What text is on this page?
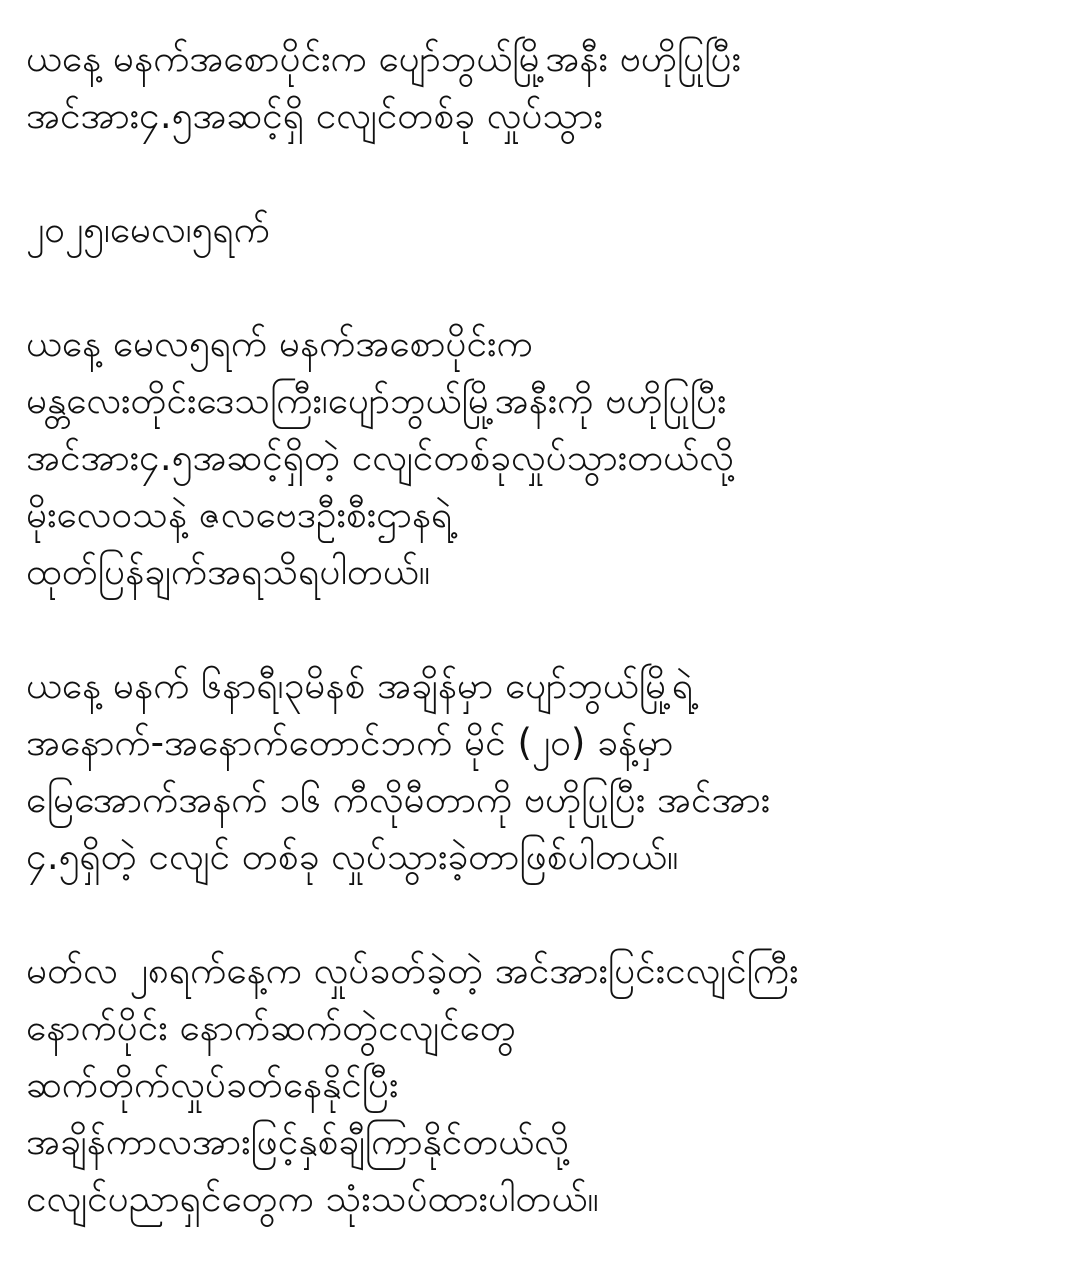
ယနေ့ မနက်အစောပိုင်းက ပျော်ဘွယ်မြို့အနီး ဗဟိုပြုပြီး
အင်အား၄.၅အဆင့်ရှိ ငလျင်တစ်ခု လှုပ်သွား

၂၀၂၅၊မေလ၊၅ရက်

ယနေ့ မေလ၅ရက် မနက်အစောပိုင်းက
မန္တလေးတိုင်းဒေသကြီး၊ပျော်ဘွယ်မြို့အနီးကို ဗဟိုပြုပြီး
အင်အား၄.၅အဆင့်ရှိတဲ့ ငလျင်တစ်ခုလှုပ်သွားတယ်လို့
မိုးလေဝသနဲ့ ဇလဗေဒဦးစီးဌာနရဲ့
ထုတ်ပြန်ချက်အရသိရပါတယ်။

ယနေ့ မနက် ၆နာရီ၊၃မိနစ် အချိန်မှာ ပျော်ဘွယ်မြို့ရဲ့
အနောက်-အနောက်တောင်ဘက် မိုင် (၂၀) ခန့်မှာ
မြေအောက်အနက် ၁၆ ကီလိုမီတာကို ဗဟိုပြုပြီး အင်အား
၄.၅ရှိတဲ့ ငလျင် တစ်ခု လှုပ်သွားခဲ့တာဖြစ်ပါတယ်။

မတ်လ ၂၈ရက်နေ့က လှုပ်ခတ်ခဲ့တဲ့ အင်အားပြင်းငလျင်ကြီး
နောက်ပိုင်း နောက်ဆက်တွဲငလျင်တွေ
ဆက်တိုက်လှုပ်ခတ်နေနိုင်ပြီး
အချိန်ကာလအားဖြင့်နှစ်ချီကြာနိုင်တယ်လို့
ငလျင်ပညာရှင်တွေက သုံးသပ်ထားပါတယ်။
